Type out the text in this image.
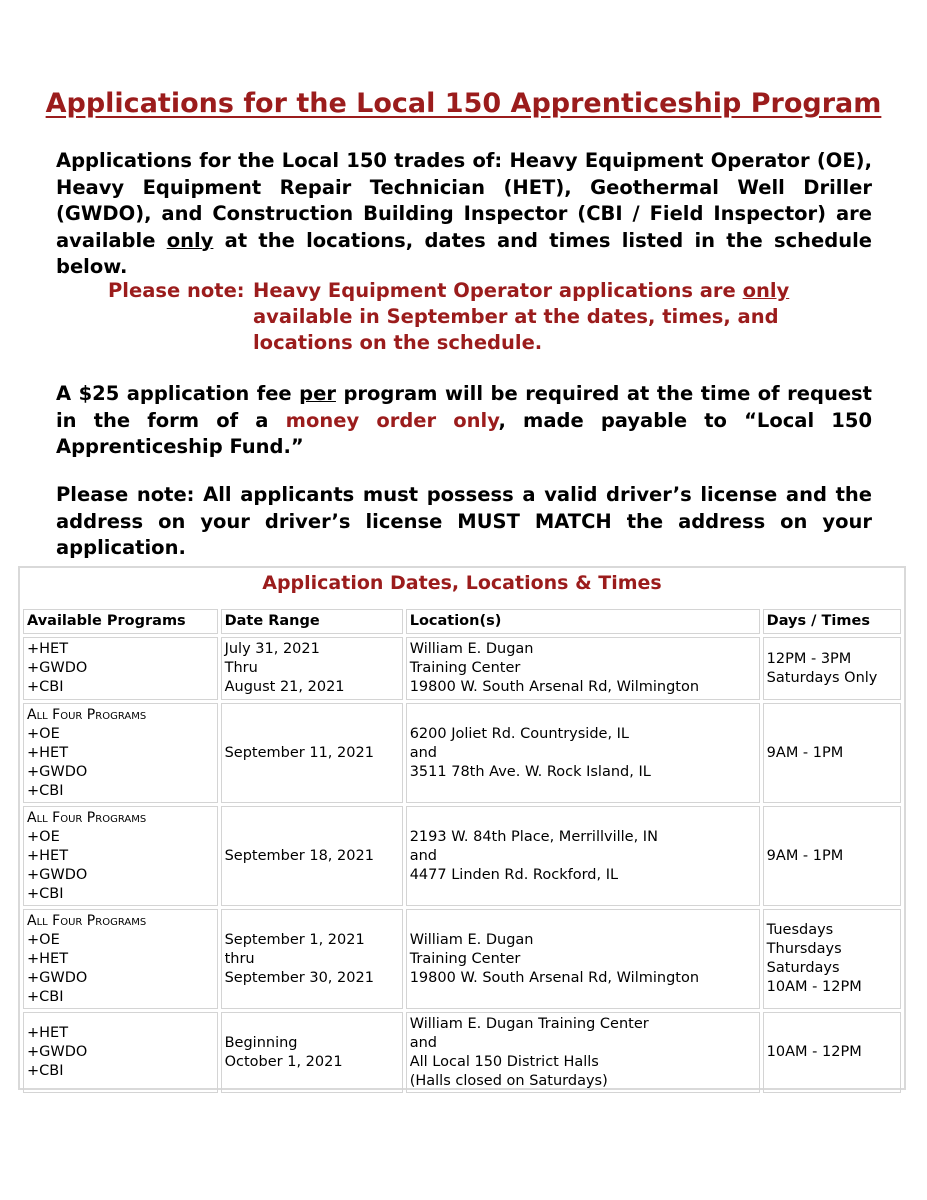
Applications for the Local 150 Apprenticeship Program

Applications for the Local 150 trades of: Heavy Equipment Operator (OE), Heavy Equipment Repair Technician (HET), Geothermal Well Driller (GWDO), and Construction Building Inspector (CBI / Field Inspector) are available only at the locations, dates and times listed in the schedule below.

Please note: Heavy Equipment Operator applications are only available in September at the dates, times, and locations on the schedule.

A $25 application fee per program will be required at the time of request in the form of a money order only, made payable to “Local 150 Apprenticeship Fund.”

Please note: All applicants must possess a valid driver’s license and the address on your driver’s license MUST MATCH the address on your application.

Application Dates, Locations & Times
Available Programs	Date Range	Location(s)	Days / Times

+HET
+GWDO
+CBI	July 31, 2021
Thru
August 21, 2021	William E. Dugan
Training Center
19800 W. South Arsenal Rd, Wilmington	12PM - 3PM
Saturdays Only

All Four Programs
+OE
+HET
+GWDO
+CBI	September 11, 2021	6200 Joliet Rd. Countryside, IL
and
3511 78th Ave. W. Rock Island, IL	9AM - 1PM

All Four Programs
+OE
+HET
+GWDO
+CBI	September 18, 2021	2193 W. 84th Place, Merrillville, IN
and
4477 Linden Rd. Rockford, IL	9AM - 1PM

All Four Programs
+OE
+HET
+GWDO
+CBI	September 1, 2021
thru
September 30, 2021	William E. Dugan
Training Center
19800 W. South Arsenal Rd, Wilmington	Tuesdays
Thursdays
Saturdays
10AM - 12PM

+HET
+GWDO
+CBI	Beginning
October 1, 2021	William E. Dugan Training Center
and
All Local 150 District Halls
(Halls closed on Saturdays)	10AM - 12PM
